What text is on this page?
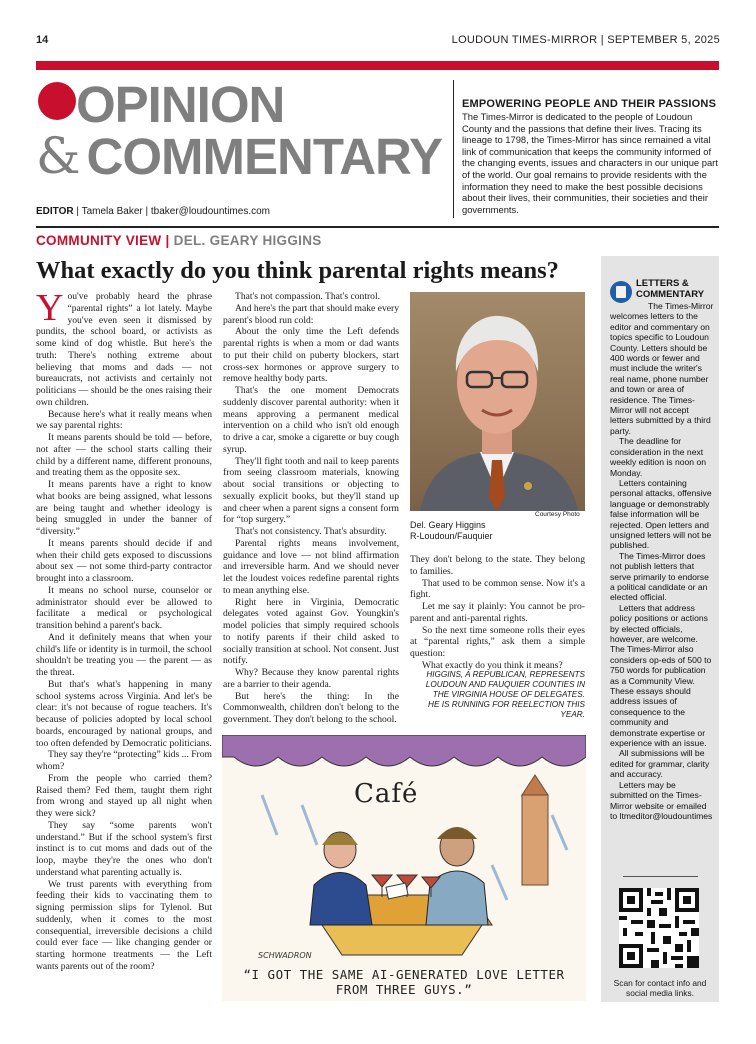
14	LOUDOUN TIMES-MIRROR | SEPTEMBER 5, 2025
OPINION
& COMMENTARY
EDITOR | Tamela Baker | tbaker@loudountimes.com
EMPOWERING PEOPLE AND THEIR PASSIONS
The Times-Mirror is dedicated to the people of Loudoun County and the passions that define their lives. Tracing its lineage to 1798, the Times-Mirror has since remained a vital link of communication that keeps the community informed of the changing events, issues and characters in our unique part of the world. Our goal remains to provide residents with the information they need to make the best possible decisions about their lives, their communities, their societies and their governments.
COMMUNITY VIEW | DEL. GEARY HIGGINS
What exactly do you think parental rights means?

You've probably heard the phrase “parental rights” a lot lately. Maybe you've even seen it dismissed by pundits, the school board, or activists as some kind of dog whistle. But here's the truth: There's nothing extreme about believing that moms and dads — not bureaucrats, not activists and certainly not politicians — should be the ones raising their own children.

Because here's what it really means when we say parental rights:

It means parents should be told — before, not after — the school starts calling their child by a different name, different pronouns, and treating them as the opposite sex.

It means parents have a right to know what books are being assigned, what lessons are being taught and whether ideology is being smuggled in under the banner of “diversity.”

It means parents should decide if and when their child gets exposed to discussions about sex — not some third-party contractor brought into a classroom.

It means no school nurse, counselor or administrator should ever be allowed to facilitate a medical or psychological transition behind a parent's back.

And it definitely means that when your child's life or identity is in turmoil, the school shouldn't be treating you — the parent — as the threat.

But that's what's happening in many school systems across Virginia. And let's be clear: it's not because of rogue teachers. It's because of policies adopted by local school boards, encouraged by national groups, and too often defended by Democratic politicians.

They say they're “protecting” kids ... From whom?

From the people who carried them? Raised them? Fed them, taught them right from wrong and stayed up all night when they were sick?

They say “some parents won't understand.” But if the school system's first instinct is to cut moms and dads out of the loop, maybe they're the ones who don't understand what parenting actually is.

We trust parents with everything from feeding their kids to vaccinating them to signing permission slips for Tylenol. But suddenly, when it comes to the most consequential, irreversible decisions a child could ever face — like changing gender or starting hormone treatments — the Left wants parents out of the room?

That's not compassion. That's control.

And here's the part that should make every parent's blood run cold:

About the only time the Left defends parental rights is when a mom or dad wants to put their child on puberty blockers, start cross-sex hormones or approve surgery to remove healthy body parts.

That's the one moment Democrats suddenly discover parental authority: when it means approving a permanent medical intervention on a child who isn't old enough to drive a car, smoke a cigarette or buy cough syrup.

They'll fight tooth and nail to keep parents from seeing classroom materials, knowing about social transitions or objecting to sexually explicit books, but they'll stand up and cheer when a parent signs a consent form for “top surgery.”

That's not consistency. That's absurdity.

Parental rights means involvement, guidance and love — not blind affirmation and irreversible harm. And we should never let the loudest voices redefine parental rights to mean anything else.

Right here in Virginia, Democratic delegates voted against Gov. Youngkin's model policies that simply required schools to notify parents if their child asked to socially transition at school. Not consent. Just notify.

Why? Because they know parental rights are a barrier to their agenda.

But here's the thing: In the Commonwealth, children don't belong to the government. They don't belong to the school.

Courtesy Photo
Del. Geary Higgins
R-Loudoun/Fauquier

They don't belong to the state. They belong to families.

That used to be common sense. Now it's a fight.

Let me say it plainly: You cannot be pro-parent and anti-parental rights.

So the next time someone rolls their eyes at “parental rights,” ask them a simple question:

What exactly do you think it means?

HIGGINS, A REPUBLICAN, REPRESENTS LOUDOUN AND FAUQUIER COUNTIES IN THE VIRGINIA HOUSE OF DELEGATES. HE IS RUNNING FOR REELECTION THIS YEAR.
Café
SCHWADRON
“I GOT THE SAME AI-GENERATED LOVE LETTER FROM THREE GUYS.”
LETTERS &
COMMENTARY

The Times-Mirror welcomes letters to the editor and commentary on topics specific to Loudoun County. Letters should be 400 words or fewer and must include the writer's real name, phone number and town or area of residence. The Times-Mirror will not accept letters submitted by a third party.

The deadline for consideration in the next weekly edition is noon on Monday.

Letters containing personal attacks, offensive language or demonstrably false information will be rejected. Open letters and unsigned letters will not be published.

The Times-Mirror does not publish letters that serve primarily to endorse a political candidate or an elected official.

Letters that address policy positions or actions by elected officials, however, are welcome. The Times-Mirror also considers op-eds of 500 to 750 words for publication as a Community View. These essays should address issues of consequence to the community and demonstrate expertise or experience with an issue.

All submissions will be edited for grammar, clarity and accuracy.

Letters may be submitted on the Times-Mirror website or emailed to ltmeditor@loudountimes

Scan for contact info and social media links.
